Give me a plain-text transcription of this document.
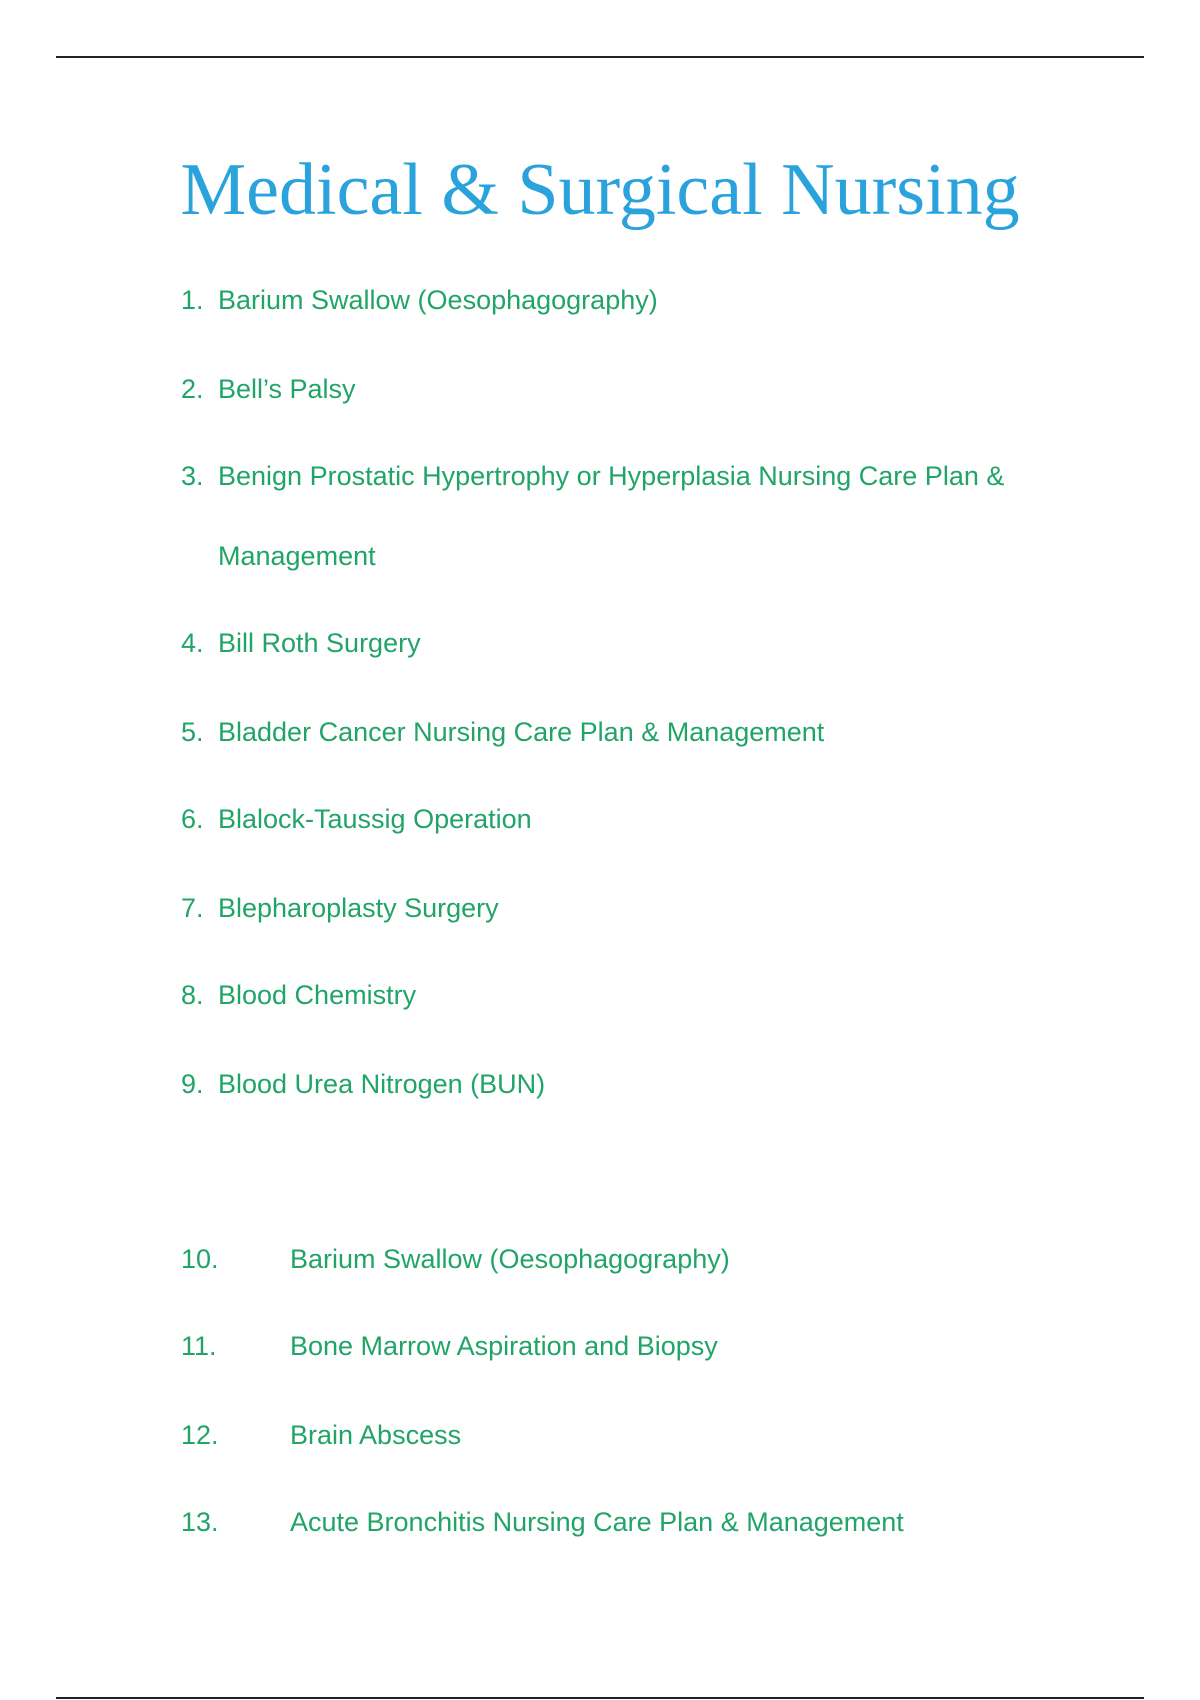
Medical & Surgical Nursing
1. Barium Swallow (Oesophagography)
2. Bell’s Palsy
3. Benign Prostatic Hypertrophy or Hyperplasia Nursing Care Plan &
Management
4. Bill Roth Surgery
5. Bladder Cancer Nursing Care Plan & Management
6. Blalock-Taussig Operation
7. Blepharoplasty Surgery
8. Blood Chemistry
9. Blood Urea Nitrogen (BUN)
10.	Barium Swallow (Oesophagography)
11.	Bone Marrow Aspiration and Biopsy
12.	Brain Abscess
13.	Acute Bronchitis Nursing Care Plan & Management
